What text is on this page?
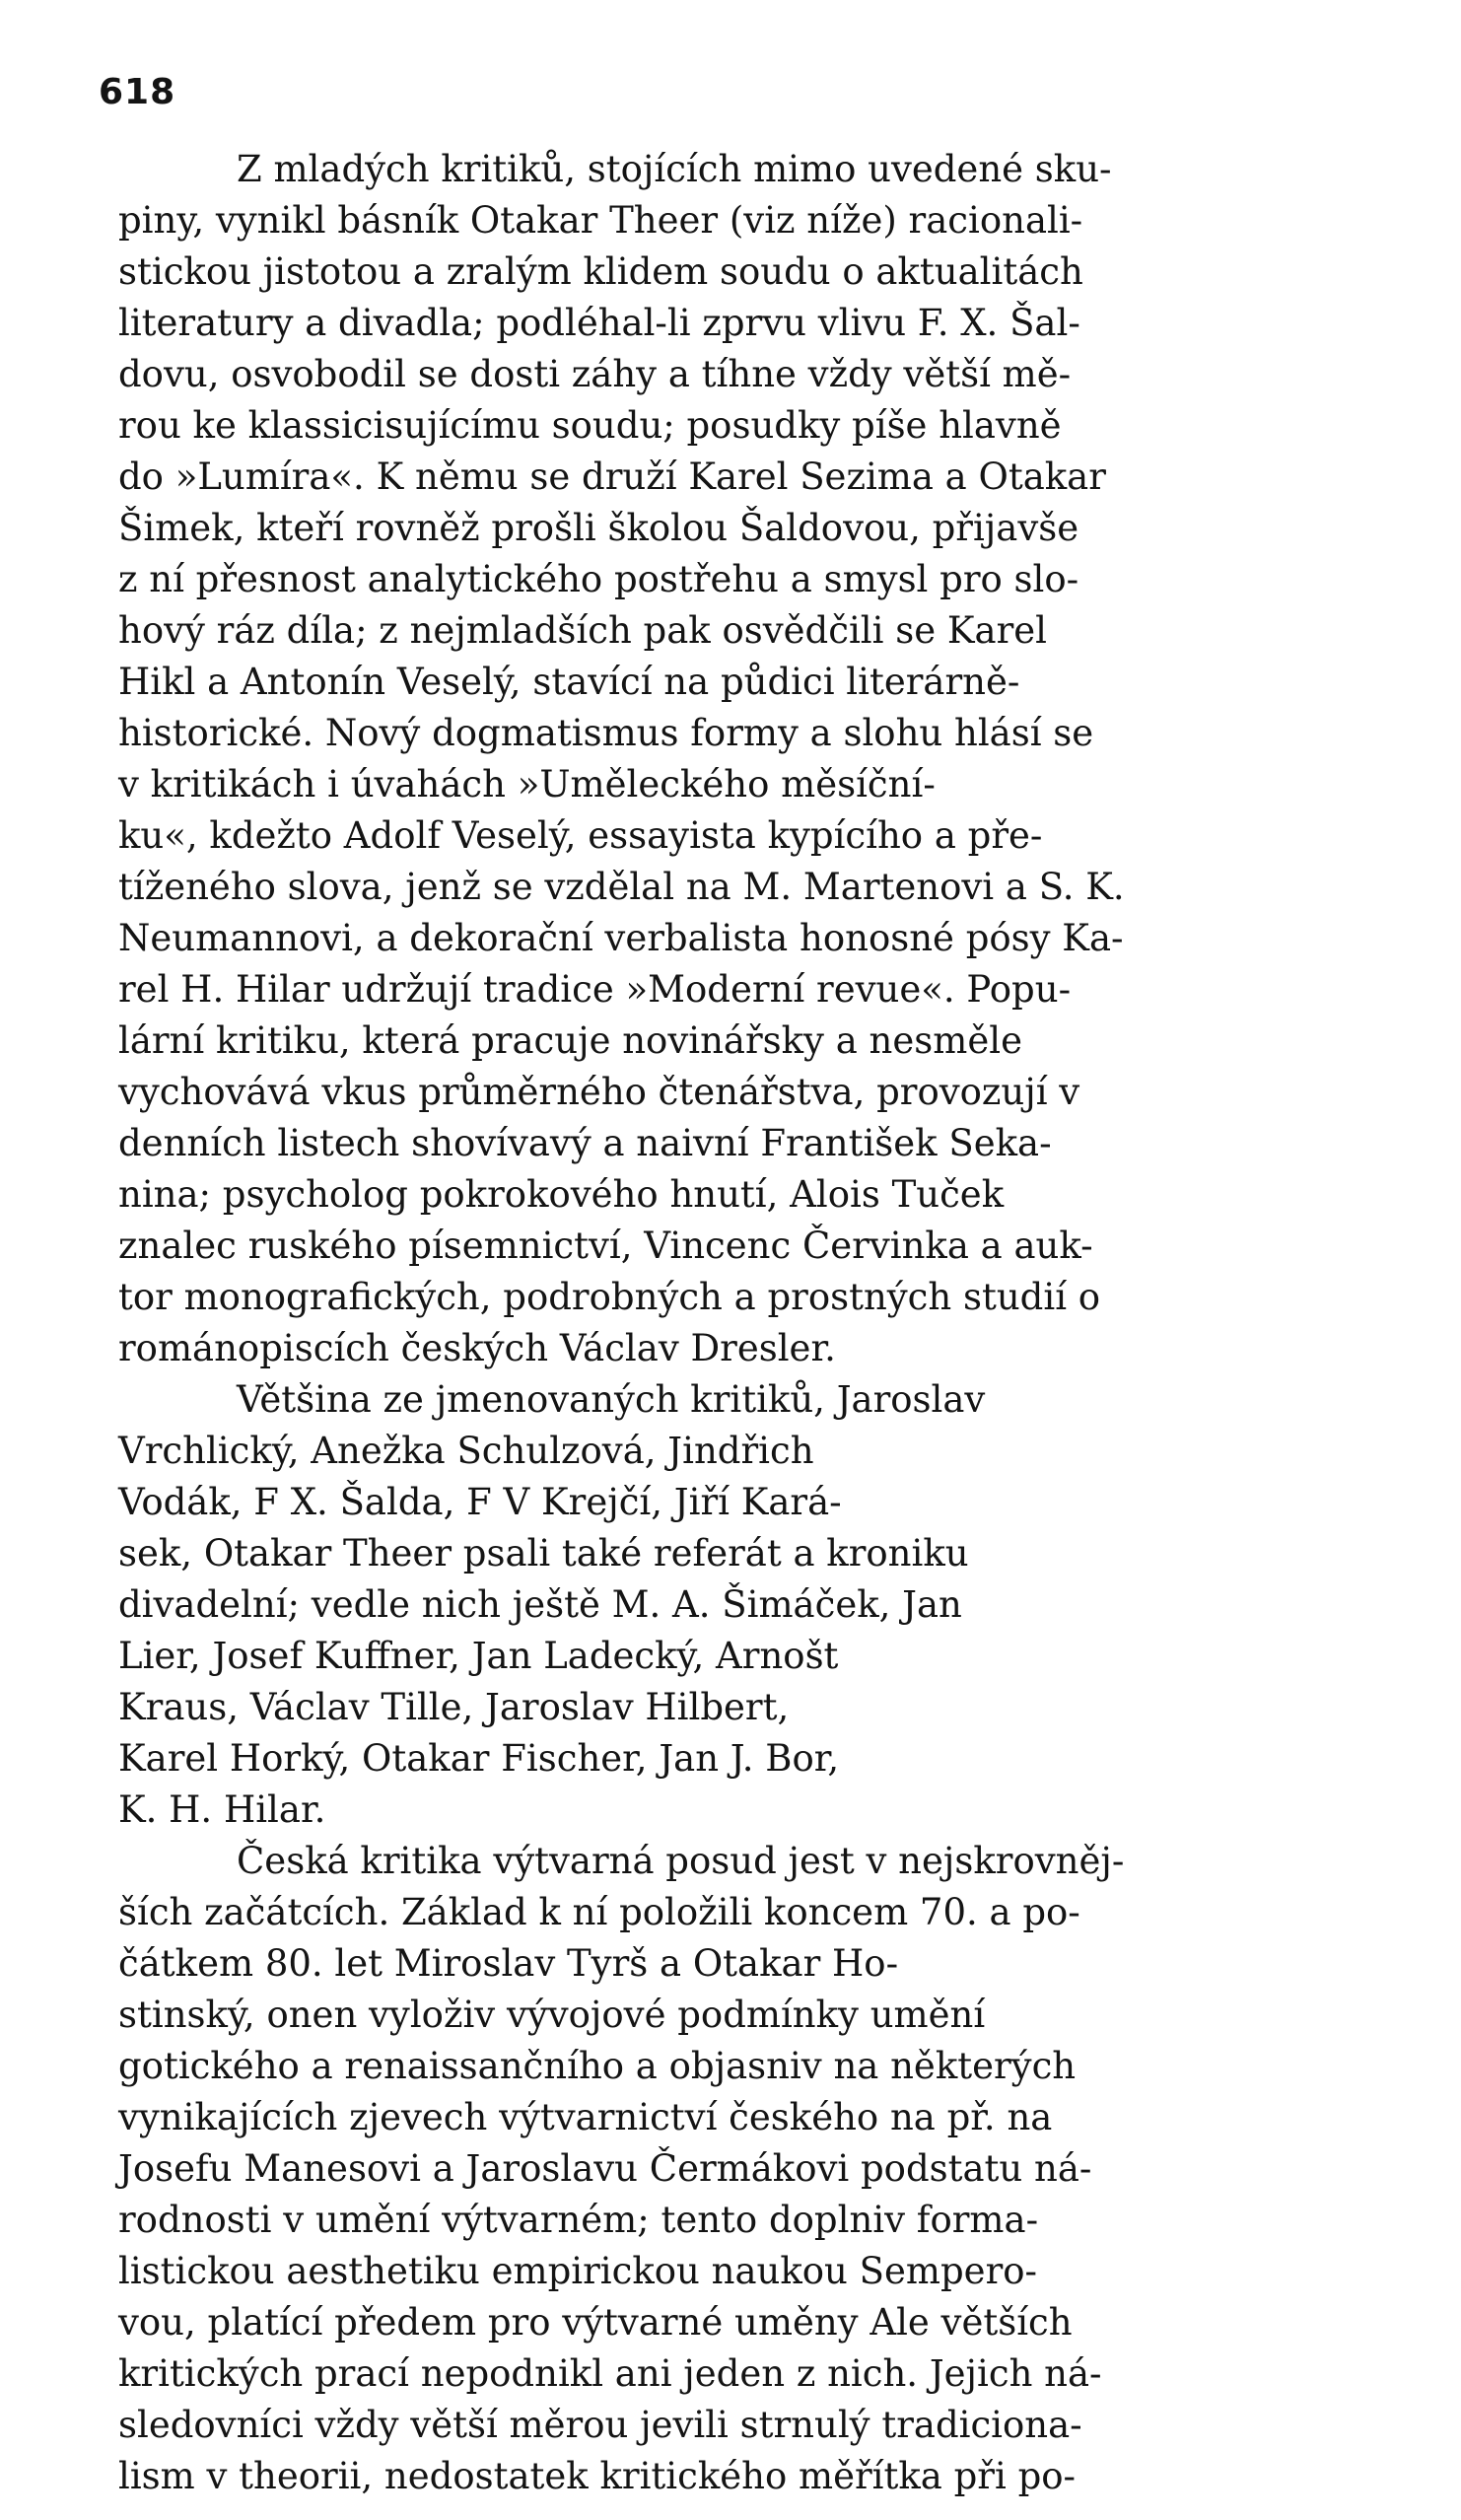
618
Z mladých kritiků, stojících mimo uvedené sku-
piny, vynikl básník Otakar Theer (viz níže) racionali-
stickou jistotou a zralým klidem soudu o aktualitách
literatury a divadla; podléhal-li zprvu vlivu F. X. Šal-
dovu, osvobodil se dosti záhy a tíhne vždy větší mě-
rou ke klassicisujícímu soudu; posudky píše hlavně
do »Lumíra«. K němu se druží Karel Sezima a Otakar
Šimek, kteří rovněž prošli školou Šaldovou, přijavše
z ní přesnost analytického postřehu a smysl pro slo-
hový ráz díla; z nejmladších pak osvědčili se Karel
Hikl a Antonín Veselý, stavící na půdici literárně-
historické. Nový dogmatismus formy a slohu hlásí se
v kritikách i úvahách »Uměleckého měsíční-
ku«, kdežto Adolf Veselý, essayista kypícího a pře-
tíženého slova, jenž se vzdělal na M. Martenovi a S. K.
Neumannovi, a dekorační verbalista honosné pósy Ka-
rel H. Hilar udržují tradice »Moderní revue«. Popu-
lární kritiku, která pracuje novinářsky a nesměle
vychovává vkus průměrného čtenářstva, provozují v
denních listech shovívavý a naivní František Seka-
nina; psycholog pokrokového hnutí, Alois Tuček
znalec ruského písemnictví, Vincenc Červinka a auk-
tor monografických, podrobných a prostných studií o
románopiscích českých Václav Dresler.
Většina ze jmenovaných kritiků, Jaroslav
Vrchlický, Anežka Schulzová, Jindřich
Vodák, F X. Šalda, F V Krejčí, Jiří Kará-
sek, Otakar Theer psali také referát a kroniku
divadelní; vedle nich ještě M. A. Šimáček, Jan
Lier, Josef Kuffner, Jan Ladecký, Arnošt
Kraus, Václav Tille, Jaroslav Hilbert,
Karel Horký, Otakar Fischer, Jan J. Bor,
K. H. Hilar.
Česká kritika výtvarná posud jest v nejskrovněj-
ších začátcích. Základ k ní položili koncem 70. a po-
čátkem 80. let Miroslav Tyrš a Otakar Ho-
stinský, onen vyloživ vývojové podmínky umění
gotického a renaissančního a objasniv na některých
vynikajících zjevech výtvarnictví českého na př. na
Josefu Manesovi a Jaroslavu Čermákovi podstatu ná-
rodnosti v umění výtvarném; tento doplniv forma-
listickou aesthetiku empirickou naukou Sempero-
vou, platící předem pro výtvarné uměny Ale větších
kritických prací nepodnikl ani jeden z nich. Jejich ná-
sledovníci vždy větší měrou jevili strnulý tradiciona-
lism v theorii, nedostatek kritického měřítka při po-
